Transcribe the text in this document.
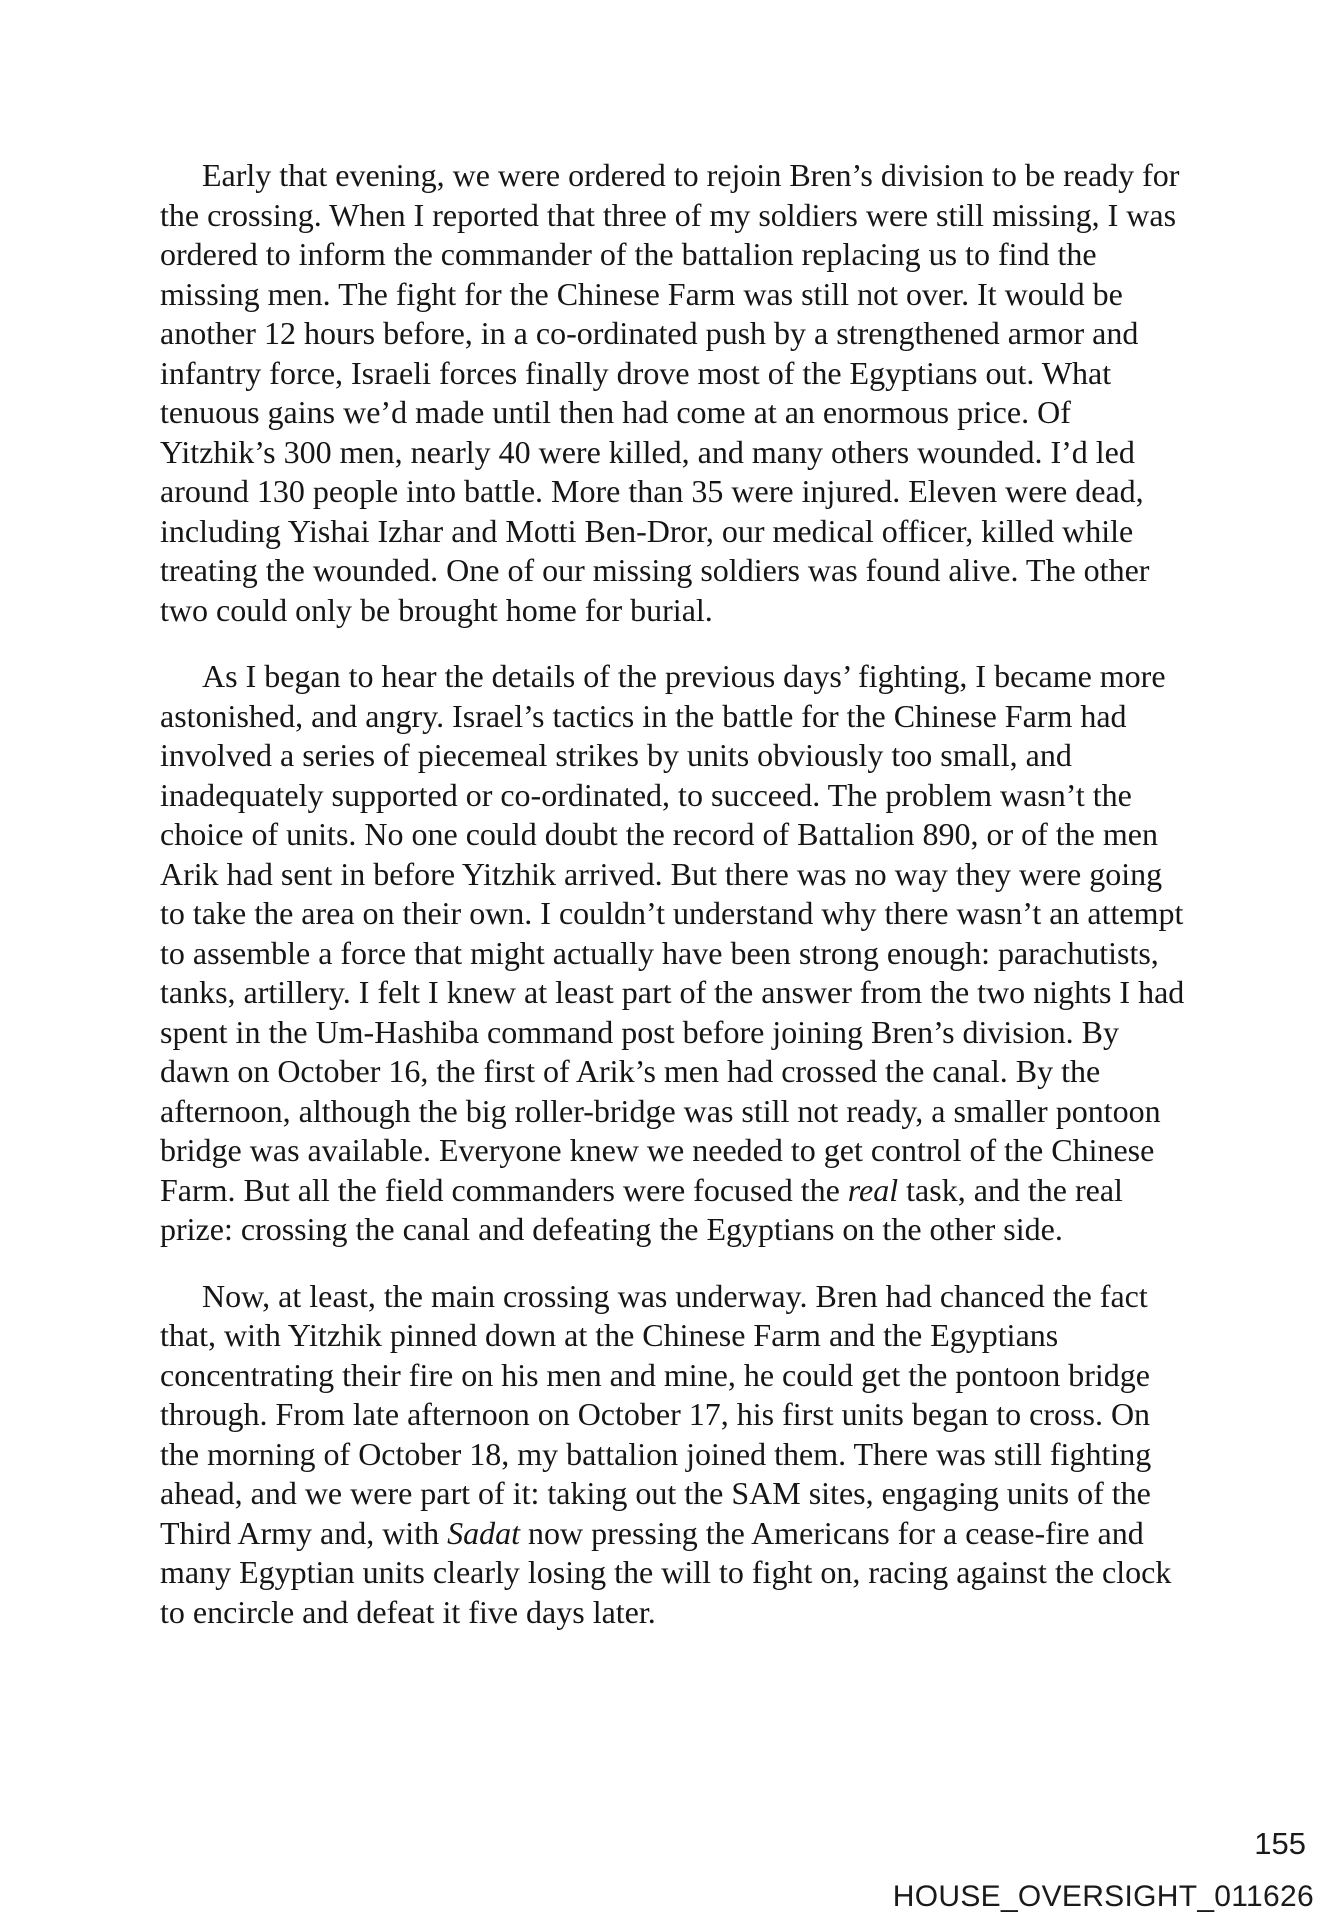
Early that evening, we were ordered to rejoin Bren’s division to be ready for
the crossing. When I reported that three of my soldiers were still missing, I was
ordered to inform the commander of the battalion replacing us to find the
missing men. The fight for the Chinese Farm was still not over. It would be
another 12 hours before, in a co-ordinated push by a strengthened armor and
infantry force, Israeli forces finally drove most of the Egyptians out. What
tenuous gains we’d made until then had come at an enormous price. Of
Yitzhik’s 300 men, nearly 40 were killed, and many others wounded. I’d led
around 130 people into battle. More than 35 were injured. Eleven were dead,
including Yishai Izhar and Motti Ben-Dror, our medical officer, killed while
treating the wounded. One of our missing soldiers was found alive. The other
two could only be brought home for burial.
As I began to hear the details of the previous days’ fighting, I became more
astonished, and angry. Israel’s tactics in the battle for the Chinese Farm had
involved a series of piecemeal strikes by units obviously too small, and
inadequately supported or co-ordinated, to succeed. The problem wasn’t the
choice of units. No one could doubt the record of Battalion 890, or of the men
Arik had sent in before Yitzhik arrived. But there was no way they were going
to take the area on their own. I couldn’t understand why there wasn’t an attempt
to assemble a force that might actually have been strong enough: parachutists,
tanks, artillery. I felt I knew at least part of the answer from the two nights I had
spent in the Um-Hashiba command post before joining Bren’s division. By
dawn on October 16, the first of Arik’s men had crossed the canal. By the
afternoon, although the big roller-bridge was still not ready, a smaller pontoon
bridge was available. Everyone knew we needed to get control of the Chinese
Farm. But all the field commanders were focused the real task, and the real
prize: crossing the canal and defeating the Egyptians on the other side.
Now, at least, the main crossing was underway. Bren had chanced the fact
that, with Yitzhik pinned down at the Chinese Farm and the Egyptians
concentrating their fire on his men and mine, he could get the pontoon bridge
through. From late afternoon on October 17, his first units began to cross. On
the morning of October 18, my battalion joined them. There was still fighting
ahead, and we were part of it: taking out the SAM sites, engaging units of the
Third Army and, with Sadat now pressing the Americans for a cease-fire and
many Egyptian units clearly losing the will to fight on, racing against the clock
to encircle and defeat it five days later.
155
HOUSE_OVERSIGHT_011626
